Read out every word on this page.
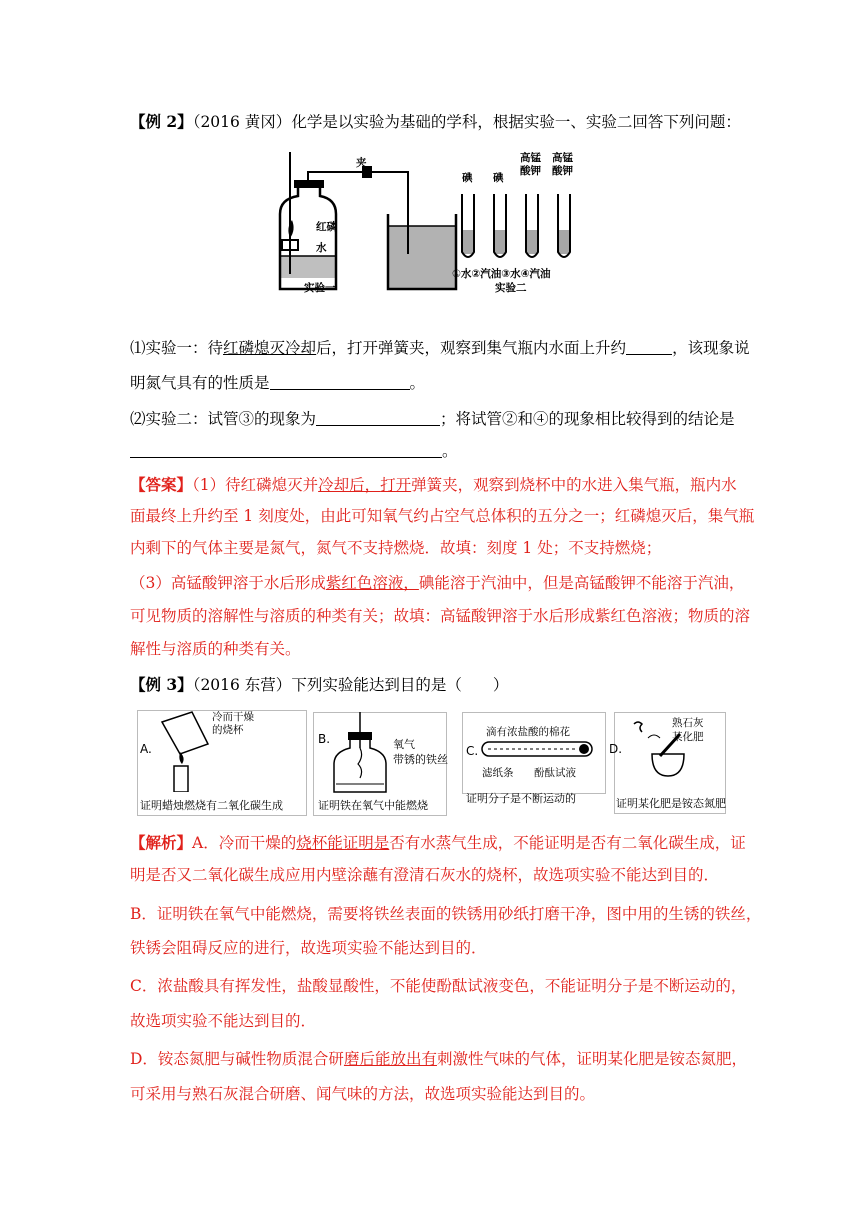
【例 2】（2016 黄冈）化学是以实验为基础的学科，根据实验一、实验二回答下列问题：
红磷
水
夹
实验一
碘 碘
高锰酸钾
高锰酸钾
①水②汽油③水④汽油
实验二
⑴实验一：待红磷熄灭冷却后，打开弹簧夹，观察到集气瓶内水面上升约	，该现象说
明氮气具有的性质是	。
⑵实验二：试管③的现象为	；将试管②和④的现象相比较得到的结论是
。
【答案】（1）待红磷熄灭并冷却后，打开弹簧夹，观察到烧杯中的水进入集气瓶，瓶内水
面最终上升约至 1 刻度处，由此可知氧气约占空气总体积的五分之一；红磷熄灭后，集气瓶
内剩下的气体主要是氮气，氮气不支持燃烧．故填：刻度 1 处；不支持燃烧；
（3）高锰酸钾溶于水后形成紫红色溶液，碘能溶于汽油中，但是高锰酸钾不能溶于汽油，
可见物质的溶解性与溶质的种类有关；故填：高锰酸钾溶于水后形成紫红色溶液；物质的溶
解性与溶质的种类有关。
【例 3】（2016 东营）下列实验能达到目的是（　　）
A.
冷而干燥
的烧杯
证明蜡烛燃烧有二氧化碳生成
B.	氧气
带锈的铁丝
证明铁在氧气中能燃烧
C.
滴有浓盐酸的棉花
滤纸条 酚酞试液
证明分子是不断运动的
D.
熟石灰
某化肥
证明某化肥是铵态氮肥
【解析】A．冷而干燥的烧杯能证明是否有水蒸气生成，不能证明是否有二氧化碳生成，证
明是否又二氧化碳生成应用内壁涂蘸有澄清石灰水的烧杯，故选项实验不能达到目的．
B．证明铁在氧气中能燃烧，需要将铁丝表面的铁锈用砂纸打磨干净，图中用的生锈的铁丝，
铁锈会阻碍反应的进行，故选项实验不能达到目的．
C．浓盐酸具有挥发性，盐酸显酸性，不能使酚酞试液变色，不能证明分子是不断运动的，
故选项实验不能达到目的．
D．铵态氮肥与碱性物质混合研磨后能放出有刺激性气味的气体，证明某化肥是铵态氮肥，
可采用与熟石灰混合研磨、闻气味的方法，故选项实验能达到目的。
